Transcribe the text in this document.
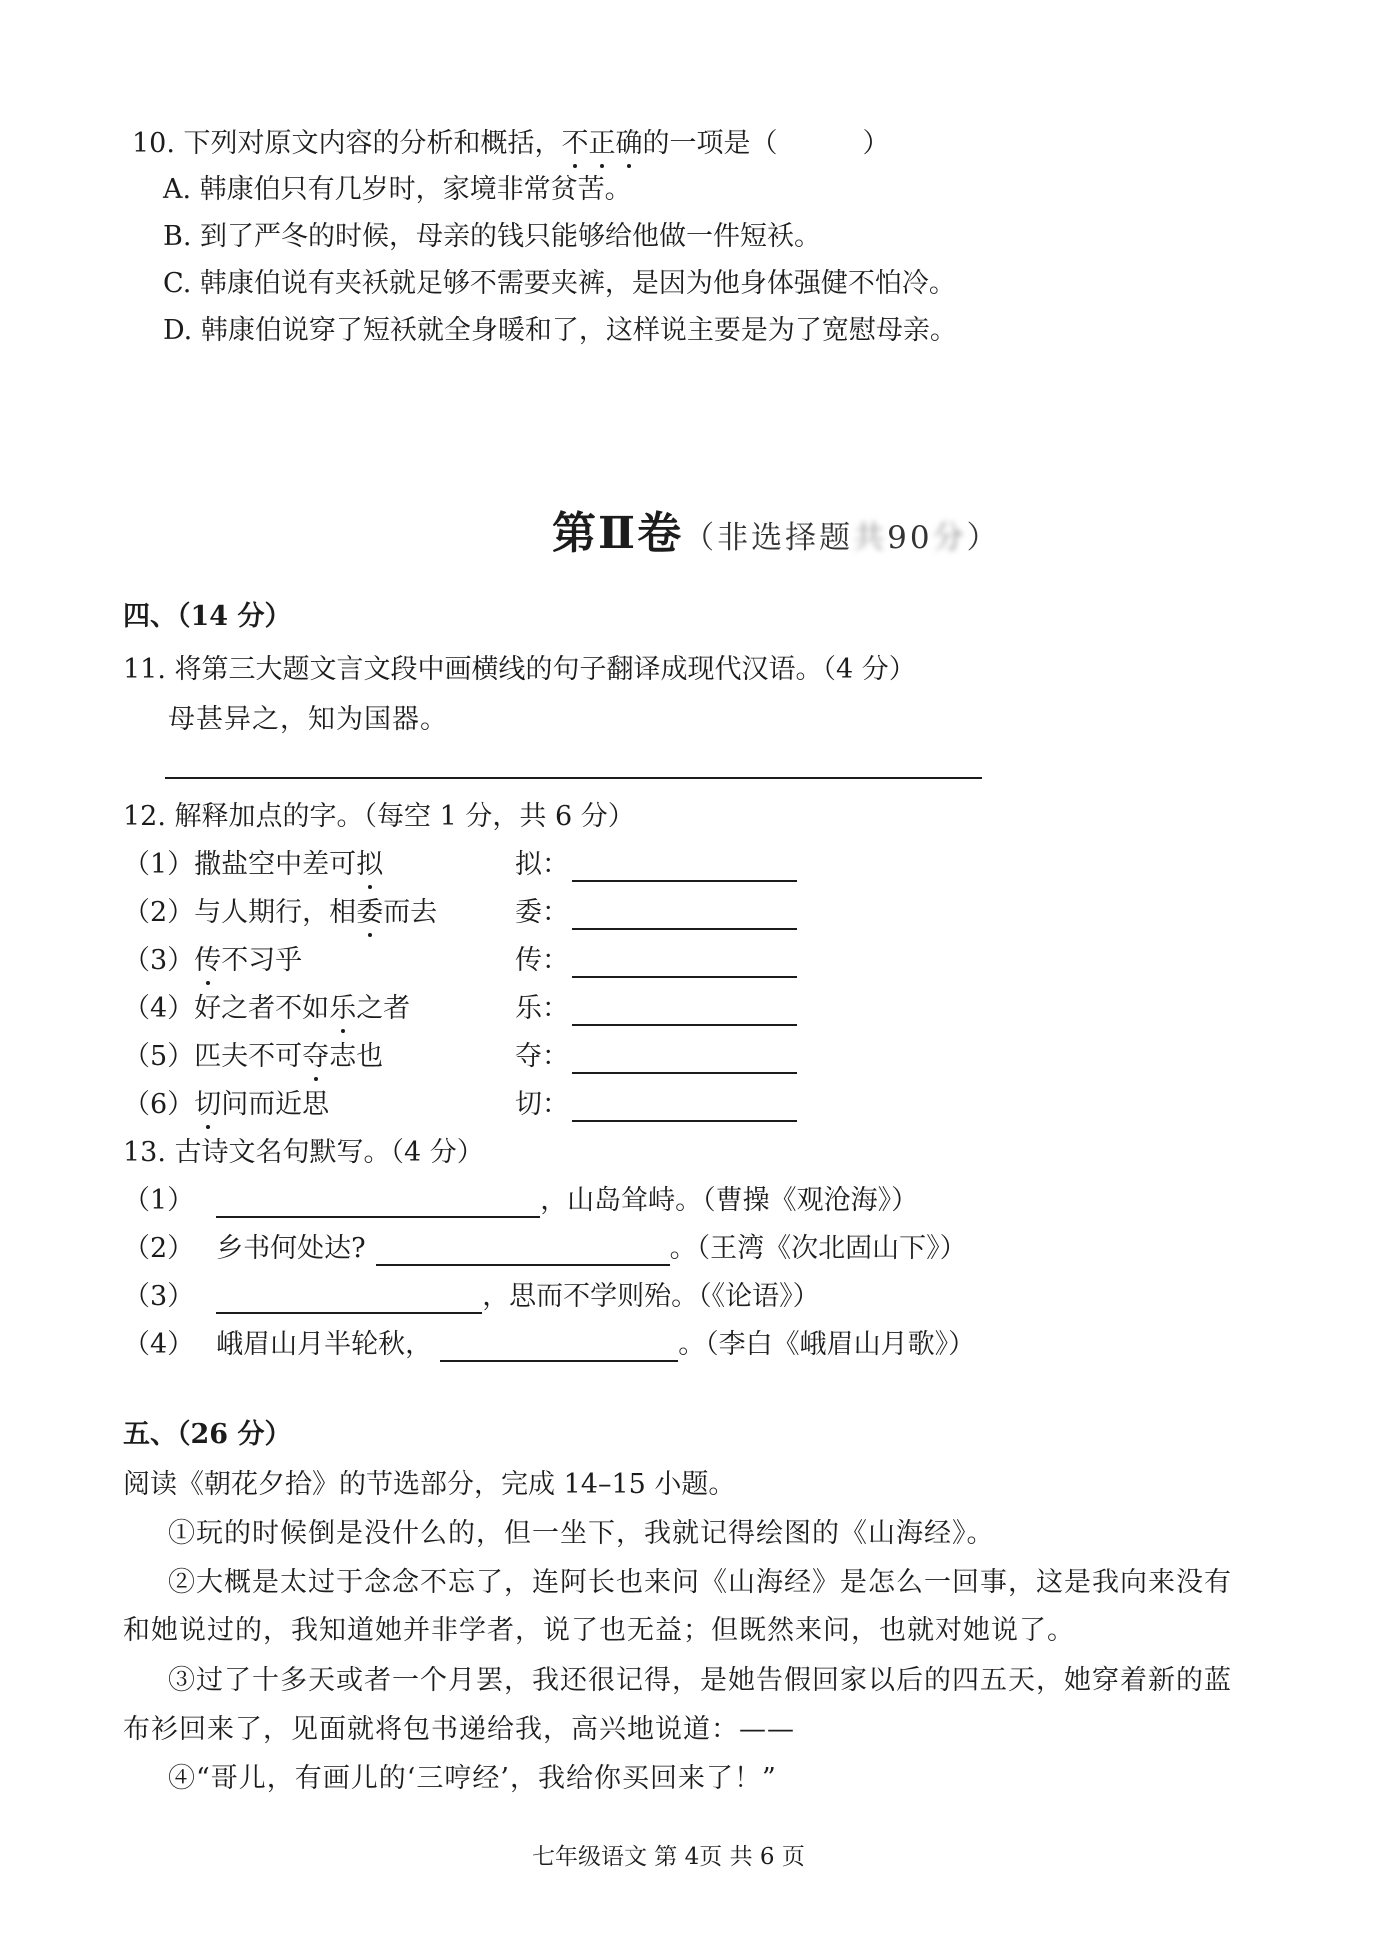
10. 下列对原文内容的分析和概括，不正确的一项是（	）
A. 韩康伯只有几岁时，家境非常贫苦。
B. 到了严冬的时候，母亲的钱只能够给他做一件短袄。
C. 韩康伯说有夹袄就足够不需要夹裤，是因为他身体强健不怕冷。
D. 韩康伯说穿了短袄就全身暖和了，这样说主要是为了宽慰母亲。
第Ⅱ卷（非选择题共90分）
四、（14 分）
11. 将第三大题文言文段中画横线的句子翻译成现代汉语。（4 分）
母甚异之，知为国器。
12. 解释加点的字。（每空 1 分，共 6 分）
（1）撒盐空中差可拟	拟：
（2）与人期行，相委而去	委：
（3）传不习乎	传：
（4）好之者不如乐之者	乐：
（5）匹夫不可夺志也	夺：
（6）切问而近思	切：
13. 古诗文名句默写。（4 分）
（1）	，山岛耸峙。（曹操《观沧海》）
（2） 乡书何处达?	。（王湾《次北固山下》）
（3）	，思而不学则殆。（《论语》）
（4） 峨眉山月半轮秋，	。（李白《峨眉山月歌》）
五、（26 分）
阅读《朝花夕拾》的节选部分，完成 14–15 小题。
①玩的时候倒是没什么的，但一坐下，我就记得绘图的《山海经》。
②大概是太过于念念不忘了，连阿长也来问《山海经》是怎么一回事，这是我向来没有
和她说过的，我知道她并非学者，说了也无益；但既然来问，也就对她说了。
③过了十多天或者一个月罢，我还很记得，是她告假回家以后的四五天，她穿着新的蓝
布衫回来了，见面就将包书递给我，高兴地说道：——
④“哥儿，有画儿的‘三哼经’，我给你买回来了！”
七年级语文 第 4页 共 6 页
